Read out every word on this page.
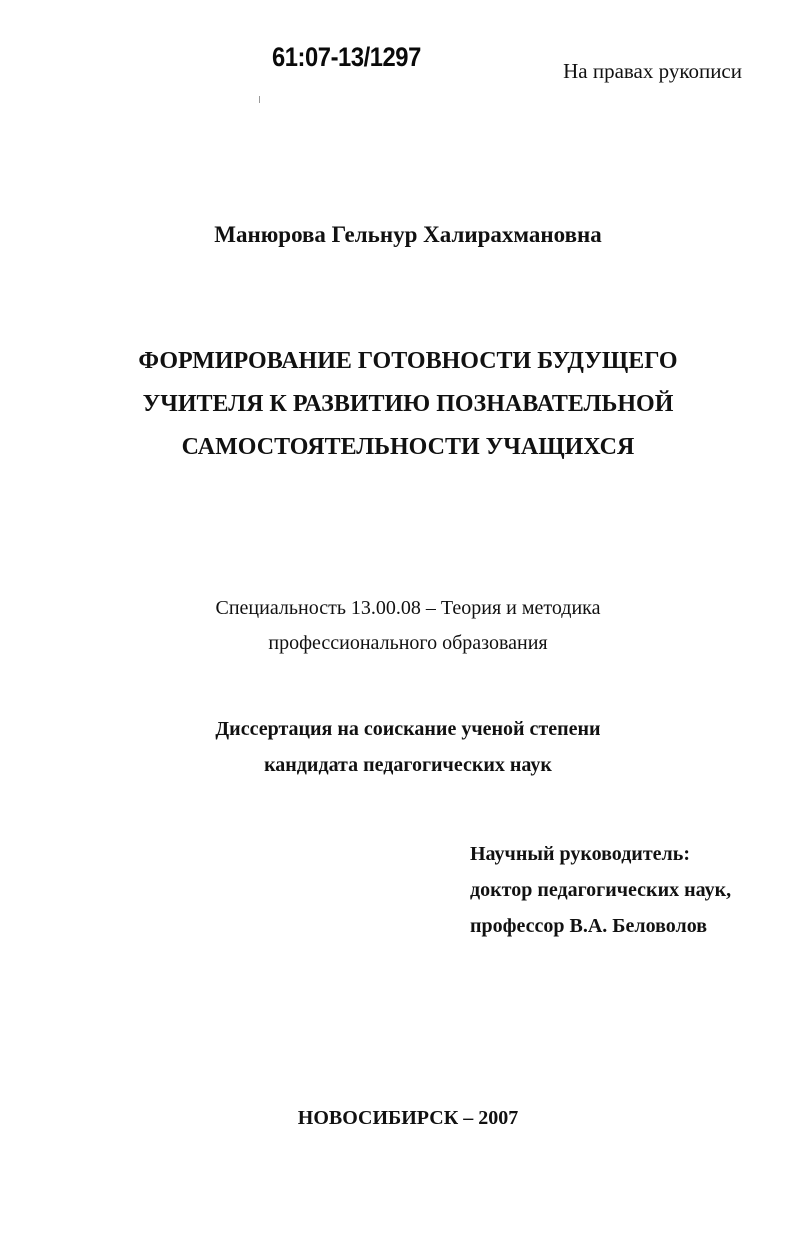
61:07-13/1297	На правах рукописи
Манюрова Гельнур Халирахмановна
ФОРМИРОВАНИЕ ГОТОВНОСТИ БУДУЩЕГО
УЧИТЕЛЯ К РАЗВИТИЮ ПОЗНАВАТЕЛЬНОЙ
САМОСТОЯТЕЛЬНОСТИ УЧАЩИХСЯ
Специальность 13.00.08 – Теория и методика
профессионального образования
Диссертация на соискание ученой степени
кандидата педагогических наук
Научный руководитель:
доктор педагогических наук,
профессор В.А. Беловолов
НОВОСИБИРСК – 2007
